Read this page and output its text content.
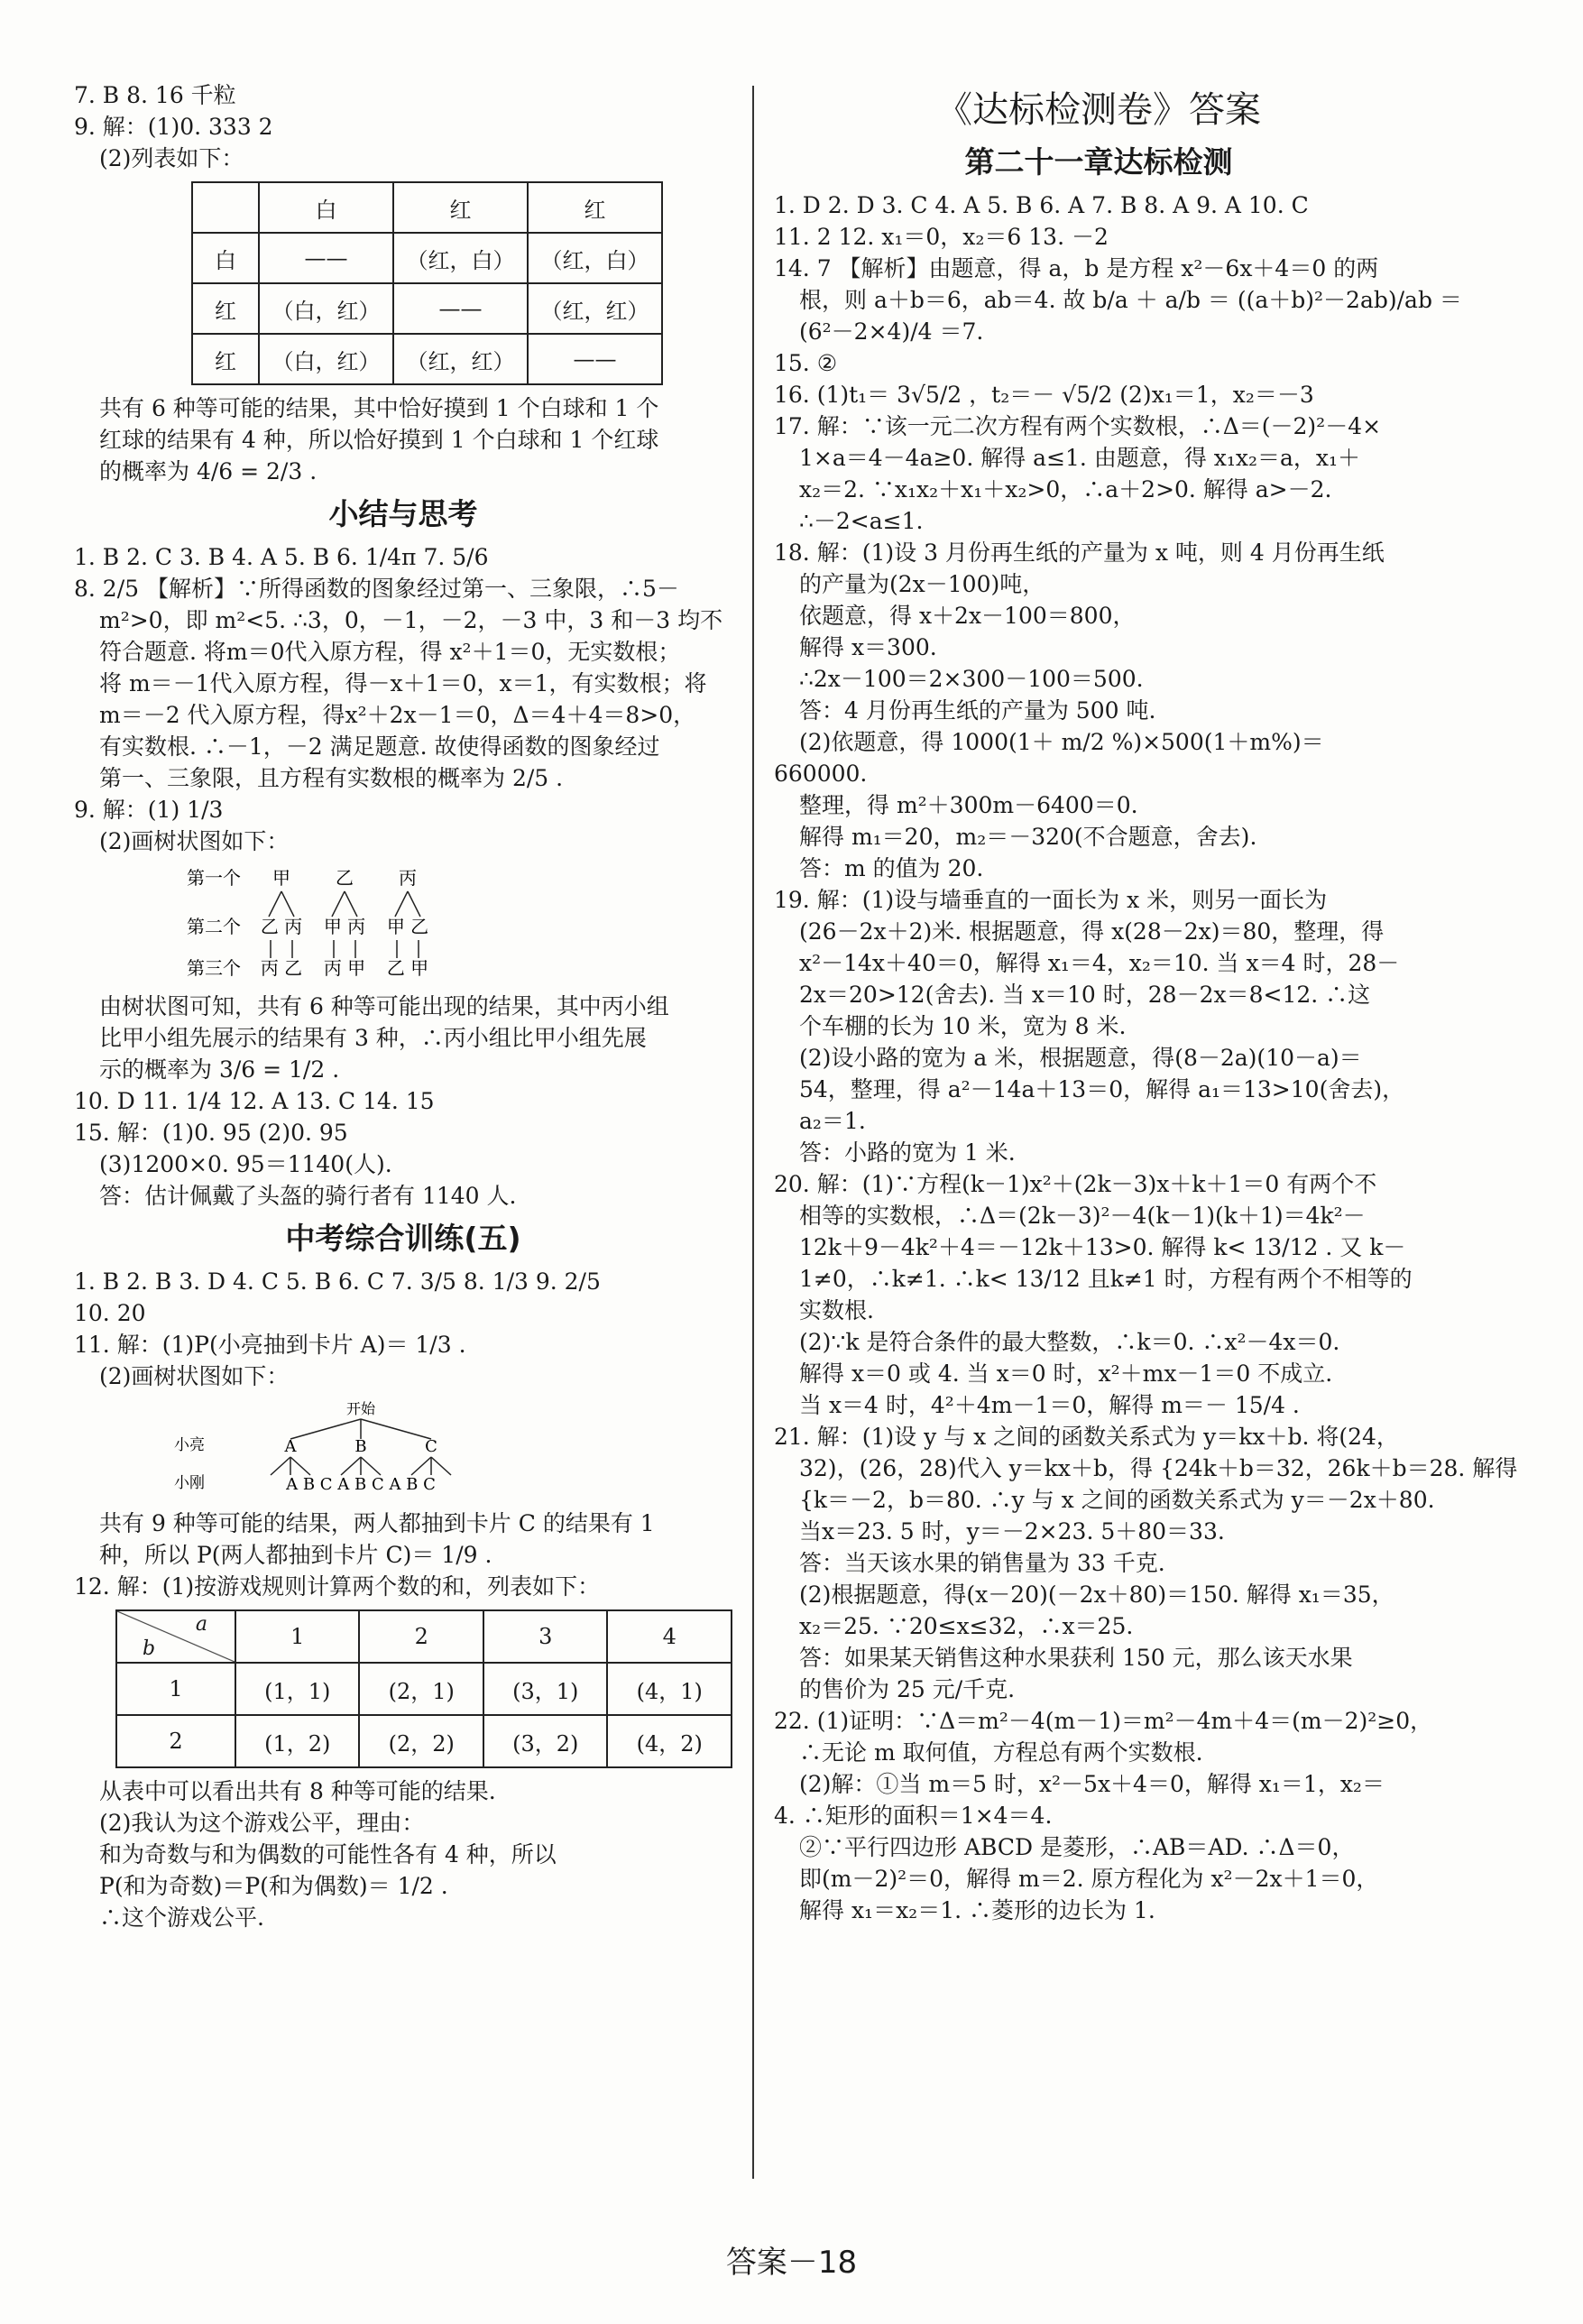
7. B 8. 16 千粒
9. 解：(1)0. 333 2
(2)列表如下：
	白	红	红
白	——	（红，白）	（红，白）
红	（白，红）	——	（红，红）
红	（白，红）	（红，红）	——
共有 6 种等可能的结果，其中恰好摸到 1 个白球和 1 个
红球的结果有 4 种，所以恰好摸到 1 个白球和 1 个红球
的概率为 4/6 = 2/3 .
小结与思考
1. B 2. C 3. B 4. A 5. B 6. 1/4π 7. 5/6
8. 2/5 【解析】∵所得函数的图象经过第一、三象限，∴5－
m²>0，即 m²<5. ∴3，0，－1，－2，－3 中，3 和－3 均不
符合题意. 将m＝0代入原方程，得 x²＋1＝0，无实数根；
将 m＝－1代入原方程，得－x＋1＝0，x＝1，有实数根；将
m＝－2 代入原方程，得x²＋2x－1＝0，Δ＝4＋4＝8>0，
有实数根. ∴－1，－2 满足题意. 故使得函数的图象经过
第一、三象限，且方程有实数根的概率为 2/5 .
9. 解：(1) 1/3
(2)画树状图如下：
第一个
第二个
第三个
甲
乙 丙
丙 乙
乙
甲 丙
丙 甲
丙
甲 乙
乙 甲
由树状图可知，共有 6 种等可能出现的结果，其中丙小组
比甲小组先展示的结果有 3 种，∴丙小组比甲小组先展
示的概率为 3/6 = 1/2 .
10. D 11. 1/4 12. A 13. C 14. 15
15. 解：(1)0. 95 (2)0. 95
(3)1200×0. 95＝1140(人).
答：估计佩戴了头盔的骑行者有 1140 人.
中考综合训练(五)
1. B 2. B 3. D 4. C 5. B 6. C 7. 3/5 8. 1/3 9. 2/5
10. 20
11. 解：(1)P(小亮抽到卡片 A)＝ 1/3 .
(2)画树状图如下：
开始
小亮
小刚
A	B	C
A B C A B C A B C
共有 9 种等可能的结果，两人都抽到卡片 C 的结果有 1
种，所以 P(两人都抽到卡片 C)＝ 1/9 .
12. 解：(1)按游戏规则计算两个数的和，列表如下：
a
b	1	2	3	4
1	(1，1)	(2，1)	(3，1)	(4，1)
2	(1，2)	(2，2)	(3，2)	(4，2)
从表中可以看出共有 8 种等可能的结果.
(2)我认为这个游戏公平，理由：
和为奇数与和为偶数的可能性各有 4 种，所以
P(和为奇数)＝P(和为偶数)＝ 1/2 .
∴这个游戏公平.
《达标检测卷》答案
第二十一章达标检测
1. D 2. D 3. C 4. A 5. B 6. A 7. B 8. A 9. A 10. C
11. 2 12. x₁＝0，x₂＝6 13. －2
14. 7 【解析】由题意，得 a，b 是方程 x²－6x＋4＝0 的两
根，则 a＋b＝6，ab＝4. 故 b/a ＋ a/b ＝ ((a＋b)²－2ab)/ab ＝
(6²－2×4)/4 ＝7.
15. ②
16. (1)t₁＝ 3√5/2 ，t₂＝－ √5/2 (2)x₁＝1，x₂＝－3
17. 解：∵该一元二次方程有两个实数根，∴Δ＝(－2)²－4×
1×a＝4－4a≥0. 解得 a≤1. 由题意，得 x₁x₂＝a，x₁＋
x₂＝2. ∵x₁x₂＋x₁＋x₂>0，∴a＋2>0. 解得 a>－2.
∴－2<a≤1.
18. 解：(1)设 3 月份再生纸的产量为 x 吨，则 4 月份再生纸
的产量为(2x－100)吨，
依题意，得 x＋2x－100＝800，
解得 x＝300.
∴2x－100＝2×300－100＝500.
答：4 月份再生纸的产量为 500 吨.
(2)依题意，得 1000(1＋ m/2 %)×500(1＋m%)＝
660000.
整理，得 m²＋300m－6400＝0.
解得 m₁＝20，m₂＝－320(不合题意，舍去).
答：m 的值为 20.
19. 解：(1)设与墙垂直的一面长为 x 米，则另一面长为
(26－2x＋2)米. 根据题意，得 x(28－2x)＝80，整理，得
x²－14x＋40＝0，解得 x₁＝4，x₂＝10. 当 x＝4 时，28－
2x＝20>12(舍去). 当 x＝10 时，28－2x＝8<12. ∴这
个车棚的长为 10 米，宽为 8 米.
(2)设小路的宽为 a 米，根据题意，得(8－2a)(10－a)＝
54，整理，得 a²－14a＋13＝0，解得 a₁＝13>10(舍去)，
a₂＝1.
答：小路的宽为 1 米.
20. 解：(1)∵方程(k－1)x²＋(2k－3)x＋k＋1＝0 有两个不
相等的实数根，∴Δ＝(2k－3)²－4(k－1)(k＋1)＝4k²－
12k＋9－4k²＋4＝－12k＋13>0. 解得 k< 13/12 . 又 k－
1≠0，∴k≠1. ∴k< 13/12 且k≠1 时，方程有两个不相等的
实数根.
(2)∵k 是符合条件的最大整数，∴k＝0. ∴x²－4x＝0.
解得 x＝0 或 4. 当 x＝0 时，x²＋mx－1＝0 不成立.
当 x＝4 时，4²＋4m－1＝0，解得 m＝－ 15/4 .
21. 解：(1)设 y 与 x 之间的函数关系式为 y＝kx＋b. 将(24，
32)，(26，28)代入 y＝kx＋b，得 {24k＋b＝32，26k＋b＝28. 解得
{k＝－2，b＝80. ∴y 与 x 之间的函数关系式为 y＝－2x＋80.
当x＝23. 5 时，y＝－2×23. 5＋80＝33.
答：当天该水果的销售量为 33 千克.
(2)根据题意，得(x－20)(－2x＋80)＝150. 解得 x₁＝35，
x₂＝25. ∵20≤x≤32，∴x＝25.
答：如果某天销售这种水果获利 150 元，那么该天水果
的售价为 25 元/千克.
22. (1)证明：∵Δ＝m²－4(m－1)＝m²－4m＋4＝(m－2)²≥0，
∴无论 m 取何值，方程总有两个实数根.
(2)解：①当 m＝5 时，x²－5x＋4＝0，解得 x₁＝1，x₂＝
4. ∴矩形的面积＝1×4＝4.
②∵平行四边形 ABCD 是菱形，∴AB＝AD. ∴Δ＝0，
即(m－2)²＝0，解得 m＝2. 原方程化为 x²－2x＋1＝0，
解得 x₁＝x₂＝1. ∴菱形的边长为 1.
答案－18
